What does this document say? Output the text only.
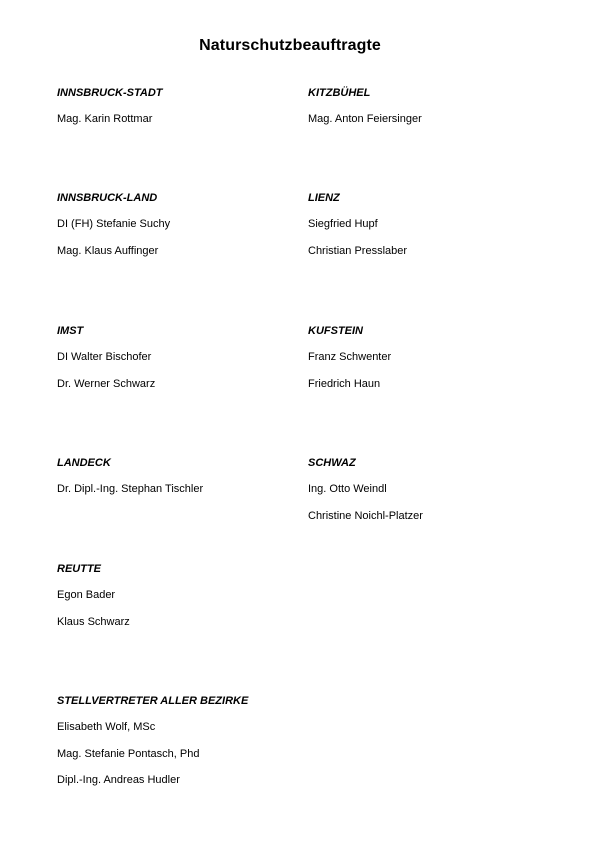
Naturschutzbeauftragte
INNSBRUCK-STADT
Mag. Karin Rottmar
KITZBÜHEL
Mag. Anton Feiersinger
INNSBRUCK-LAND
DI (FH) Stefanie Suchy
Mag. Klaus Auffinger
LIENZ
Siegfried Hupf
Christian Presslaber
IMST
DI Walter Bischofer
Dr. Werner Schwarz
KUFSTEIN
Franz Schwenter
Friedrich Haun
LANDECK
Dr. Dipl.-Ing. Stephan Tischler
SCHWAZ
Ing. Otto Weindl
Christine Noichl-Platzer
REUTTE
Egon Bader
Klaus Schwarz
STELLVERTRETER ALLER BEZIRKE
Elisabeth Wolf, MSc
Mag. Stefanie Pontasch, Phd
Dipl.-Ing. Andreas Hudler
